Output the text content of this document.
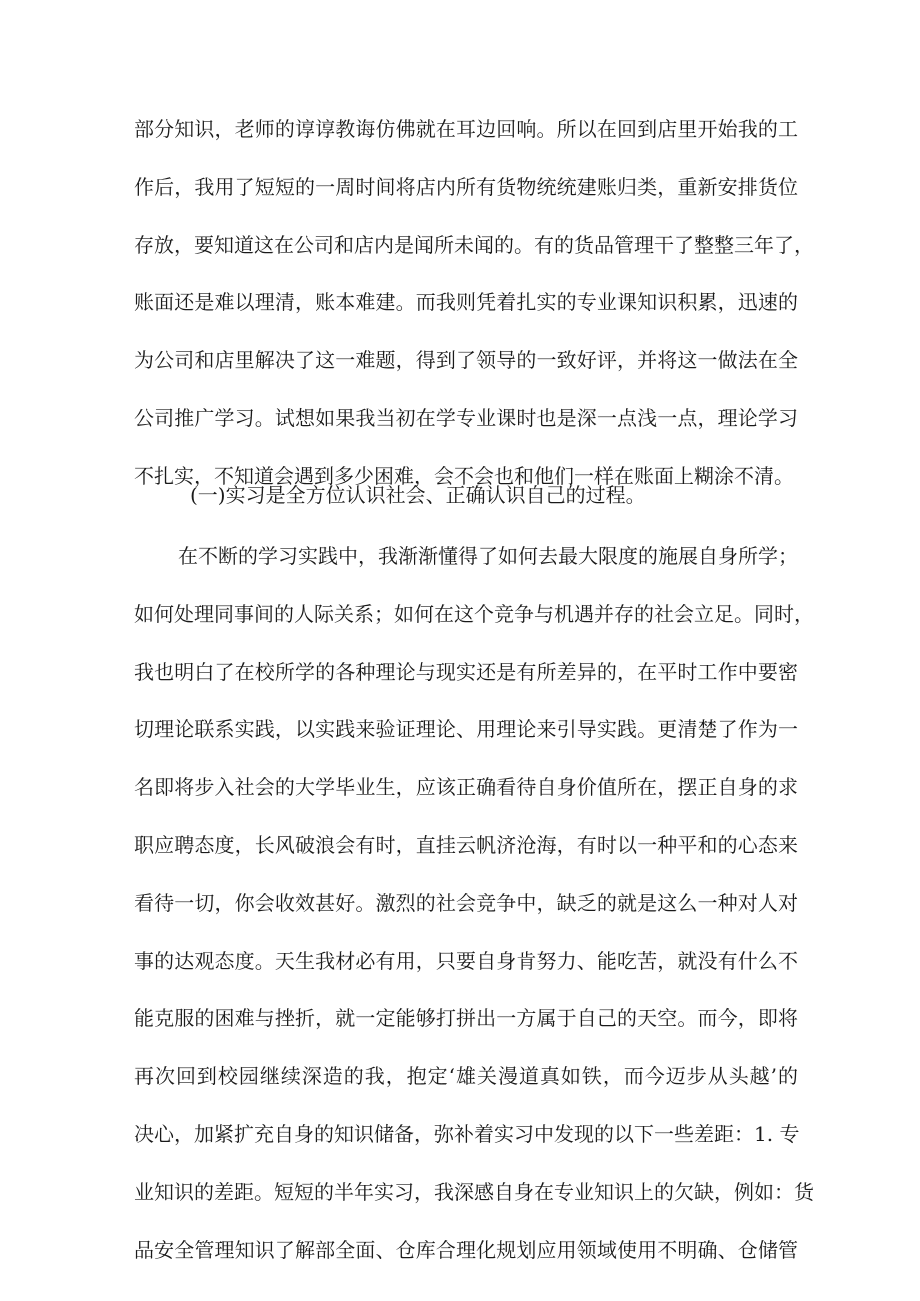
部分知识，老师的谆谆教诲仿佛就在耳边回响。所以在回到店里开始我的工
作后，我用了短短的一周时间将店内所有货物统统建账归类，重新安排货位
存放，要知道这在公司和店内是闻所未闻的。有的货品管理干了整整三年了，
账面还是难以理清，账本难建。而我则凭着扎实的专业课知识积累，迅速的
为公司和店里解决了这一难题，得到了领导的一致好评，并将这一做法在全
公司推广学习。试想如果我当初在学专业课时也是深一点浅一点，理论学习
不扎实，不知道会遇到多少困难，会不会也和他们一样在账面上糊涂不清。

(一)实习是全方位认识社会、正确认识自己的过程。

在不断的学习实践中，我渐渐懂得了如何去最大限度的施展自身所学；
如何处理同事间的人际关系；如何在这个竞争与机遇并存的社会立足。同时，
我也明白了在校所学的各种理论与现实还是有所差异的，在平时工作中要密
切理论联系实践，以实践来验证理论、用理论来引导实践。更清楚了作为一
名即将步入社会的大学毕业生，应该正确看待自身价值所在，摆正自身的求
职应聘态度，长风破浪会有时，直挂云帆济沧海，有时以一种平和的心态来
看待一切，你会收效甚好。激烈的社会竞争中，缺乏的就是这么一种对人对
事的达观态度。天生我材必有用，只要自身肯努力、能吃苦，就没有什么不
能克服的困难与挫折，就一定能够打拼出一方属于自己的天空。而今，即将
再次回到校园继续深造的我，抱定‘雄关漫道真如铁，而今迈步从头越’的
决心，加紧扩充自身的知识储备，弥补着实习中发现的以下一些差距：1. 专
业知识的差距。短短的半年实习，我深感自身在专业知识上的欠缺，例如：货
品安全管理知识了解部全面、仓库合理化规划应用领域使用不明确、仓储管
